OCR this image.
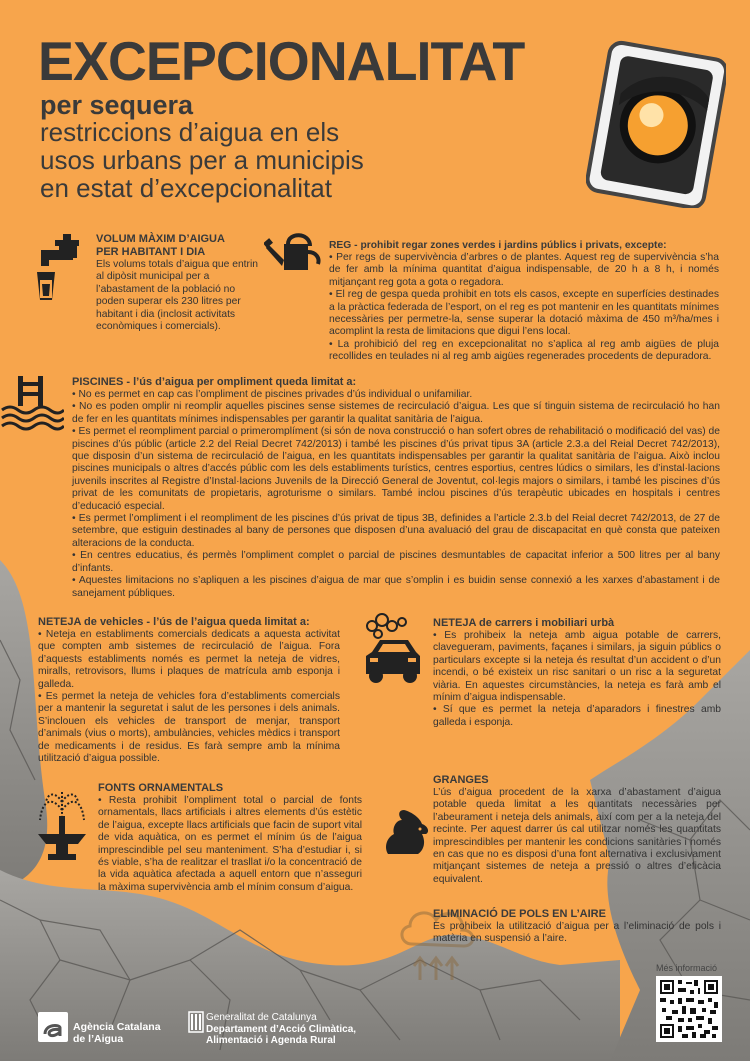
EXCEPCIONALITAT
per sequera
restriccions d’aigua en els
usos urbans per a municipis
en estat d’excepcionalitat
VOLUM MÀXIM D’AIGUA
PER HABITANT I DIA

Els volums totals d’aigua que entrin al dipòsit municipal per a l’abastament de la població no poden superar els 230 litres per habitant i dia (inclosit activitats econòmiques i comercials).

REG - prohibit regar zones verdes i jardins públics i privats, excepte:

• Per regs de supervivència d’arbres o de plantes. Aquest reg de supervivència s’ha de fer amb la mínima quantitat d’aigua indispensable, de 20 h a 8 h, i només mitjançant reg gota a gota o regadora.

• El reg de gespa queda prohibit en tots els casos, excepte en superfícies destinades a la pràctica federada de l’esport, on el reg es pot mantenir en les quantitats mínimes necessàries per permetre-la, sense superar la dotació màxima de 450 m³/ha/mes i acomplint la resta de limitacions que digui l’ens local.

• La prohibició del reg en excepcionalitat no s’aplica al reg amb aigües de pluja recollides en teulades ni al reg amb aigües regenerades procedents de depuradora.

PISCINES - l’ús d’aigua per ompliment queda limitat a:

• No es permet en cap cas l’ompliment de piscines privades d’ús individual o unifamiliar.

• No es poden omplir ni reomplir aquelles piscines sense sistemes de recirculació d’aigua. Les que sí tinguin sistema de recirculació ho han de fer en les quantitats mínimes indispensables per garantir la qualitat sanitària de l’aigua.

• Es permet el reompliment parcial o primeromplíment (si són de nova construcció o han sofert obres de rehabilitació o modificació del vas) de piscines d’ús públic (article 2.2 del Reial Decret 742/2013) i també les piscines d’ús privat tipus 3A (article 2.3.a del Reial Decret 742/2013), que disposin d’un sistema de recirculació de l’aigua, en les quantitats indispensables per garantir la qualitat sanitària de l’aigua. Això inclou piscines municipals o altres d’accés públic com les dels establiments turístics, centres esportius, centres lúdics o similars, les d’instal·lacions juvenils inscrites al Registre d’Instal·lacions Juvenils de la Direcció General de Joventut, col·legis majors o similars, i també les piscines d’ús privat de les comunitats de propietaris, agroturisme o similars. També inclou piscines d’ús terapèutic ubicades en hospitals i centres d’educació especial.

• Es permet l’ompliment i el reompliment de les piscines d’ús privat de tipus 3B, definides a l’article 2.3.b del Reial decret 742/2013, de 27 de setembre, que estiguin destinades al bany de persones que disposen d’una avaluació del grau de discapacitat en què consta que pateixen alteracions de la conducta.

• En centres educatius, és permès l’ompliment complet o parcial de piscines desmuntables de capacitat inferior a 500 litres per al bany d’infants.

• Aquestes limitacions no s’apliquen a les piscines d’aigua de mar que s’omplin i es buidin sense connexió a les xarxes d’abastament i de sanejament públiques.

NETEJA de vehicles - l’ús de l’aigua queda limitat a:

• Neteja en establiments comercials dedicats a aquesta activitat que compten amb sistemes de recirculació de l’aigua. Fora d’aquests establiments només es permet la neteja de vidres, miralls, retrovisors, llums i plaques de matrícula amb esponja i galleda.

• Es permet la neteja de vehicles fora d’establiments comercials per a mantenir la seguretat i salut de les persones i dels animals. S’inclouen els vehicles de transport de menjar, transport d’animals (vius o morts), ambulàncies, vehicles mèdics i transport de medicaments i de residus. Es farà sempre amb la mínima utilització d’aigua possible.

NETEJA de carrers i mobiliari urbà

• Es prohibeix la neteja amb aigua potable de carrers, clavegueram, paviments, façanes i similars, ja siguin públics o particulars excepte si la neteja és resultat d’un accident o d’un incendi, o bé existeix un risc sanitari o un risc a la seguretat viària. En aquestes circumstàncies, la neteja es farà amb el mínim d’aigua indispensable.

• Sí que es permet la neteja d’aparadors i finestres amb galleda i esponja.

FONTS ORNAMENTALS

• Resta prohibit l’ompliment total o parcial de fonts ornamentals, llacs artificials i altres elements d’ús estètic de l’aigua, excepte llacs artificials que facin de suport vital de vida aquàtica, on es permet el mínim ús de l’aigua imprescindible pel seu manteniment. S’ha d’estudiar i, si és viable, s’ha de realitzar el trasllat i/o la concentració de la vida aquàtica afectada a aquell entorn que n’asseguri la màxima supervivència amb el mínim consum d’aigua.

GRANGES

L’ús d’aigua procedent de la xarxa d’abastament d’aigua potable queda limitat a les quantitats necessàries per l’abeurament i neteja dels animals, així com per a la neteja del recinte. Per aquest darrer ús cal utilitzar només les quantitats imprescindibles per mantenir les condicions sanitàries i només en cas que no es disposi d’una font alternativa i exclusivament mitjançant sistemes de neteja a pressió o altres d’eficàcia equivalent.

ELIMINACIÓ DE POLS EN L’AIRE

Es prohibeix la utilització d’aigua per a l’eliminació de pols i matèria en suspensió a l’aire.

Agència Catalana
de l’Aigua
Generalitat de Catalunya
Departament d’Acció Climàtica,
Alimentació i Agenda Rural
Més informació
